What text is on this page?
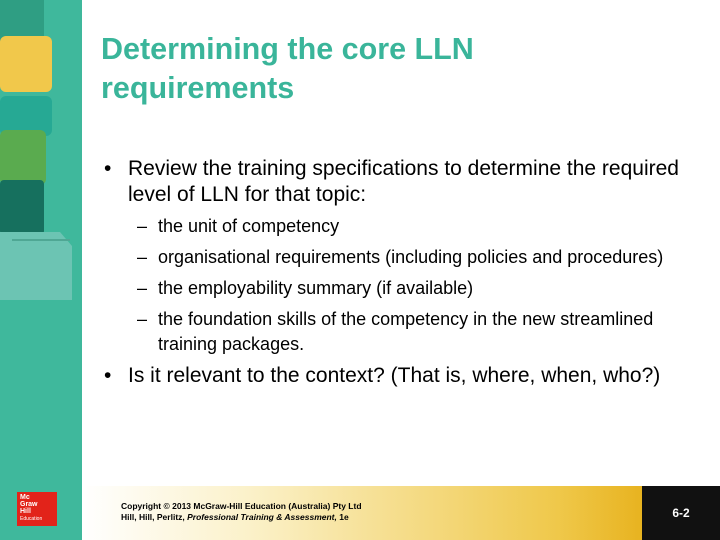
Mc
Graw
Hill
Education
Determining the core LLN requirements
• Review the training specifications to determine the required level of LLN for that topic:
– the unit of competency
– organisational requirements (including policies and procedures)
– the employability summary (if available)
– the foundation skills of the competency in the new streamlined training packages.
• Is it relevant to the context? (That is, where, when, who?)
Copyright © 2013 McGraw-Hill Education (Australia) Pty Ltd
Hill, Hill, Perlitz, Professional Training & Assessment, 1e	6-2
